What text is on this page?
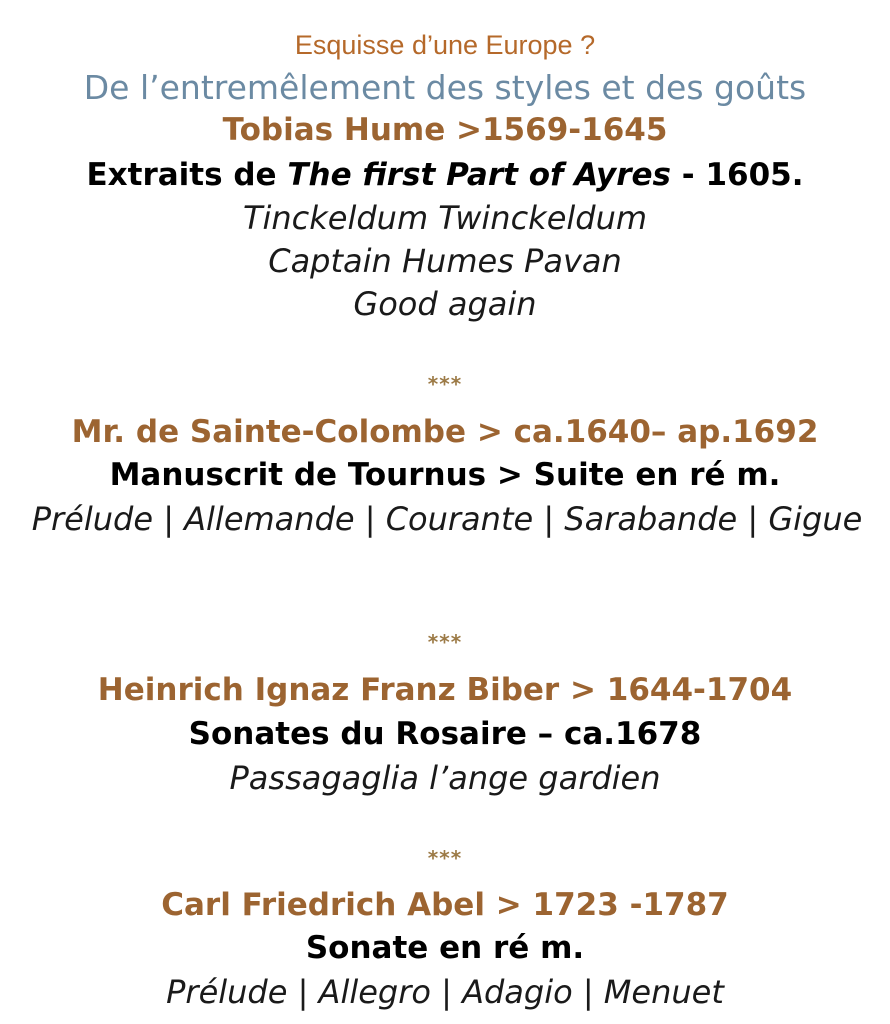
Esquisse d’une Europe ?
De l’entremêlement des styles et des goûts
Tobias Hume >1569-1645
Extraits de The first Part of Ayres - 1605.
Tinckeldum Twinckeldum
Captain Humes Pavan
Good again
***
Mr. de Sainte-Colombe > ca.1640– ap.1692
Manuscrit de Tournus > Suite en ré m.
Prélude | Allemande | Courante | Sarabande | Gigue
***
Heinrich Ignaz Franz Biber > 1644-1704
Sonates du Rosaire – ca.1678
Passagaglia l’ange gardien
***
Carl Friedrich Abel > 1723 -1787
Sonate en ré m.
Prélude | Allegro | Adagio | Menuet
